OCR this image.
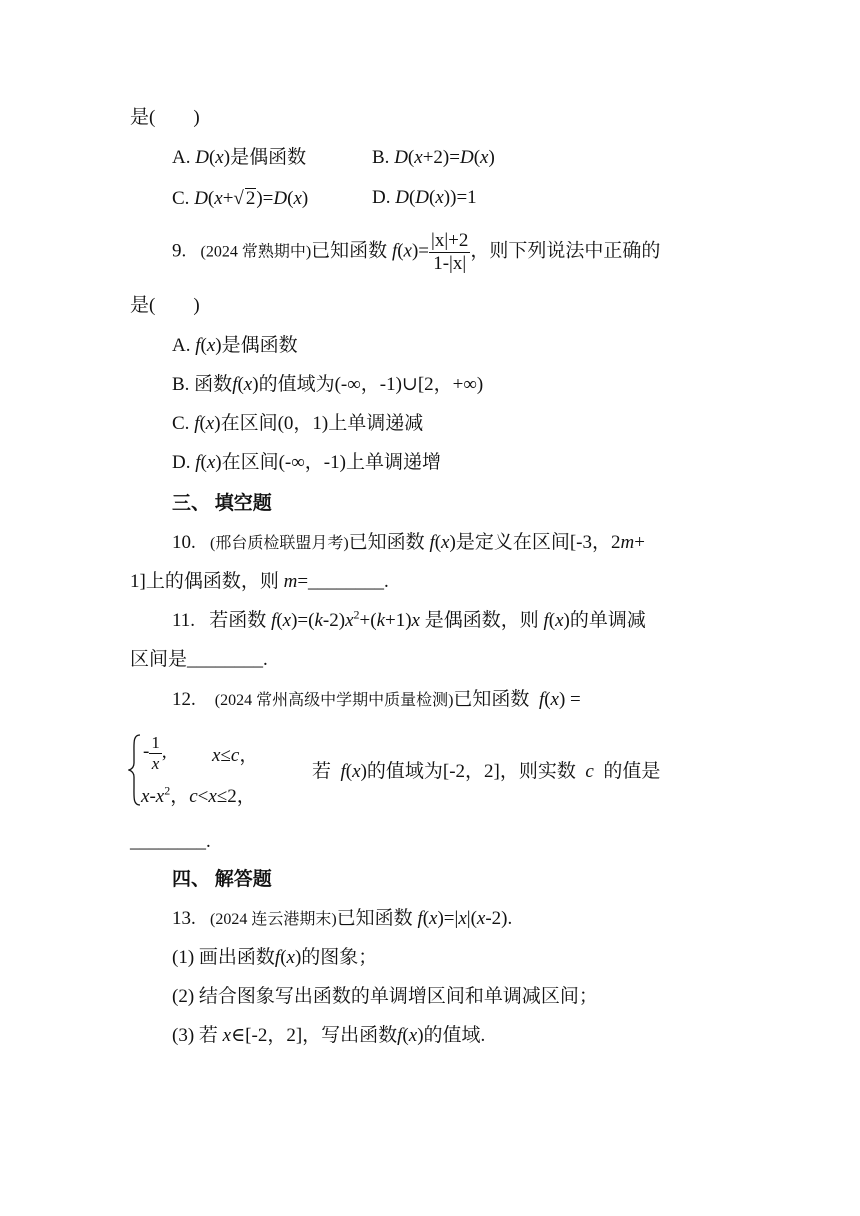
是(　　)
A. D(x)是偶函数	B. D(x+2)=D(x)
C. D(x+√ 2)=D(x)	D. D(D(x))=1
9. (2024 常熟期中)已知函数 $f(x)= \frac{|x|+2}{1-|x|}$ ，则下列说法中正确的
是(　　)
A. f(x)是偶函数
B. 函数f(x)的值域为(-∞，-1)∪[2，+∞)
C. f(x)在区间(0，1)上单调递减
D. f(x)在区间(-∞，-1)上单调递增
三、 填空题
10. (邢台质检联盟月考)已知函数 f(x)是定义在区间[-3，2m+
1]上的偶函数，则 m=________.
11. 若函数 $f(x)=(k-2)x^2+(k+1)x$ 是偶函数，则 f(x)的单调减
区间是________.
12. (2024 常州高级中学期中质量检测)已知函数 f(x) =
- $\frac{1}{x}$ , x≤c，
$x-x^2$，c<x≤2，
若 f(x)的值域为[-2，2]，则实数 c 的值是
________.
四、 解答题
13. (2024 连云港期末)已知函数 f(x)=|x|(x-2).
(1) 画出函数f(x)的图象；
(2) 结合图象写出函数的单调增区间和单调减区间；
(3) 若 x∈[-2，2]，写出函数f(x)的值域.
